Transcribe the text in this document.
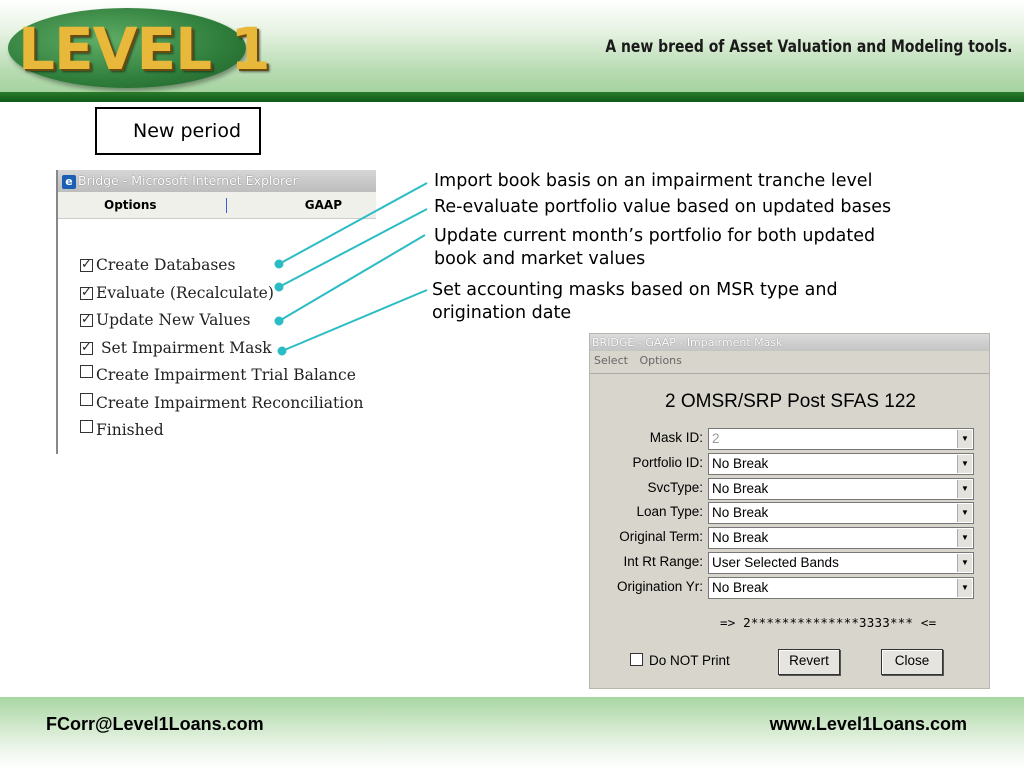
LEVEL 1	A new breed of Asset Valuation and Modeling tools.
New period
e Bridge - Microsoft Internet Explorer
Options	GAAP
✓ Create Databases
✓ Evaluate (Recalculate)
✓ Update New Values
✓ Set Impairment Mask
Create Impairment Trial Balance
Create Impairment Reconciliation
Finished
Import book basis on an impairment tranche level
Re-evaluate portfolio value based on updated bases
Update current month’s portfolio for both updated
book and market values
Set accounting masks based on MSR type and
origination date
BRIDGE - GAAP - Impairment Mask
Select Options
2 OMSR/SRP Post SFAS 122
Mask ID: 2	▼
Portfolio ID: No Break	▼
SvcType: No Break	▼
Loan Type: No Break	▼
Original Term: No Break	▼
Int Rt Range: User Selected Bands	▼
Origination Yr: No Break	▼
=> 2**************3333*** <=
Do NOT Print	Revert	Close
FCorr@Level1Loans.com	www.Level1Loans.com
